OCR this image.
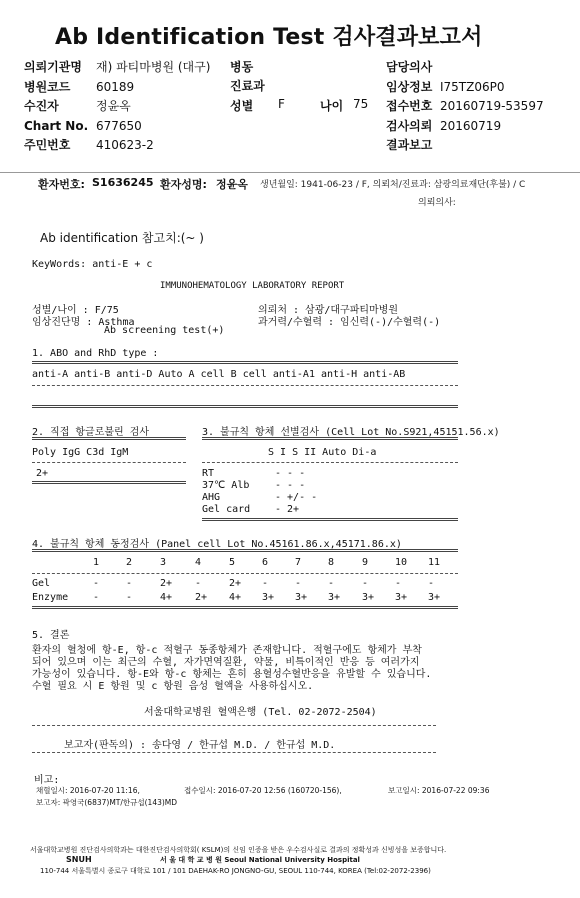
Ab Identification Test 검사결과보고서
의뢰기관명 재) 파티마병원 (대구)
병원코드 60189
수진자	정윤옥
Chart No. 677650
주민번호 410623-2
병동
진료과
성별 F	나이 75
담당의사
임상정보 I75TZ06P0
접수번호 20160719-53597
검사의뢰 20160719
결과보고
환자번호: S1636245 환자성명: 정윤옥 생년월일: 1941-06-23 / F, 의뢰처/진료과: 삼광의료재단(후불) / C
의뢰의사:
Ab identification 참고치:(~ )
KeyWords: anti-E + c
IMMUNOHEMATOLOGY LABORATORY REPORT
성별/나이 : F/75
임상진단명 : Asthma
Ab screening test(+)
의뢰처 : 삼광/대구파티마병원
과거력/수혈력 : 임신력(-)/수혈력(-)
1. ABO and RhD type :
anti-A anti-B anti-D Auto A cell B cell anti-A1 anti-H anti-AB
2. 직접 항글로불린 검사
Poly IgG C3d IgM
2+
3. 불규칙 항체 선별검사 (Cell Lot No.S921,45151.56.x)
S I S II Auto Di-a
RT	- - -
37℃ Alb	- - -
AHG	- +/- -
Gel card - 2+
4. 불규칙 항체 동정검사 (Panel cell Lot No.45161.86.x,45171.86.x)
1	2	3	4	5	6	7	8	9	10 11
Gel	-	-	2+ -	2+ -	-	-	-	-	-
Enzyme -	-	4+ 2+ 4+ 3+ 3+ 3+ 3+ 3+ 3+
5. 결론
환자의 혈청에 항-E, 항-c 적혈구 동종항체가 존재합니다. 적혈구에도 항체가 부착
되어 있으며 이는 최근의 수혈, 자가면역질환, 약물, 비특이적인 반응 등 여러가지
가능성이 있습니다. 항-E와 항-c 항체는 흔히 용혈성수혈반응을 유발할 수 있습니다.
수혈 필요 시 E 항원 및 c 항원 음성 혈액을 사용하십시오.
서울대학교병원 혈액은행 (Tel. 02-2072-2504)
보고자(판독의) : 송다영 / 한규섭 M.D. / 한규섭 M.D.
비고:
채혈일시: 2016-07-20 11:16,	접수일시: 2016-07-20 12:56 (160720-156),	보고일시: 2016-07-22 09:36
보고자: 곽영국(6837)MT/한규섭(143)MD
서울대학교병원 진단검사의학과는 대한진단검사의학회( KSLM)의 신임 인증을 받은 우수검사실로 결과의 정확성과 신빙성을 보증합니다.
SNUH	서 울 대 학 교 병 원 Seoul National University Hospital
110-744 서울특별시 종로구 대학로 101 / 101 DAEHAK-RO JONGNO-GU, SEOUL 110-744, KOREA (Tel:02-2072-2396)
